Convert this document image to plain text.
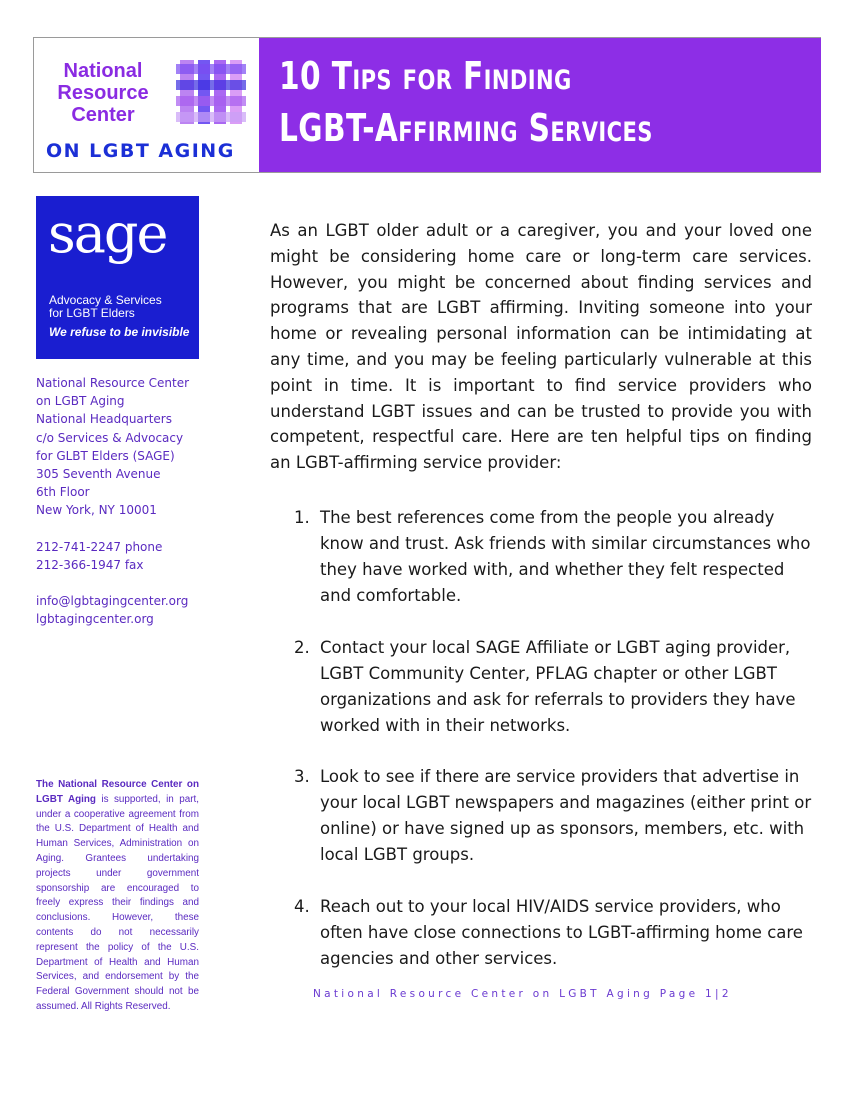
National
Resource
Center
ON LGBT AGING
10 Tips for Finding
LGBT-Affirming Services
sage
Advocacy & Services
for LGBT Elders
We refuse to be invisible
National Resource Center
on LGBT Aging
National Headquarters
c/o Services & Advocacy
for GLBT Elders (SAGE)
305 Seventh Avenue
6th Floor
New York, NY 10001
212-741-2247 phone
212-366-1947 fax
info@lgbtagingcenter.org
lgbtagingcenter.org
The National Resource Center on LGBT Aging is supported, in part, under a cooperative agreement from the U.S. Department of Health and Human Services, Administration on Aging. Grantees undertaking projects under government sponsorship are encouraged to freely express their findings and conclusions. However, these contents do not necessarily represent the policy of the U.S. Department of Health and Human Services, and endorsement by the Federal Government should not be assumed. All Rights Reserved.

As an LGBT older adult or a caregiver, you and your loved one might be considering home care or long-term care services. However, you might be concerned about finding services and programs that are LGBT affirming. Inviting someone into your home or revealing personal information can be intimidating at any time, and you may be feeling particularly vulnerable at this point in time. It is important to find service providers who understand LGBT issues and can be trusted to provide you with competent, respectful care. Here are ten helpful tips on finding an LGBT-affirming service provider:

1. The best references come from the people you already know and trust. Ask friends with similar circumstances who they have worked with, and whether they felt respected and comfortable.
2. Contact your local SAGE Affiliate or LGBT aging provider, LGBT Community Center, PFLAG chapter or other LGBT organizations and ask for referrals to providers they have worked with in their networks.
3. Look to see if there are service providers that advertise in your local LGBT newspapers and magazines (either print or online) or have signed up as sponsors, members, etc. with local LGBT groups.
4. Reach out to your local HIV/AIDS service providers, who often have close connections to LGBT-affirming home care agencies and other services.
National Resource Center on LGBT Aging Page 1|2
